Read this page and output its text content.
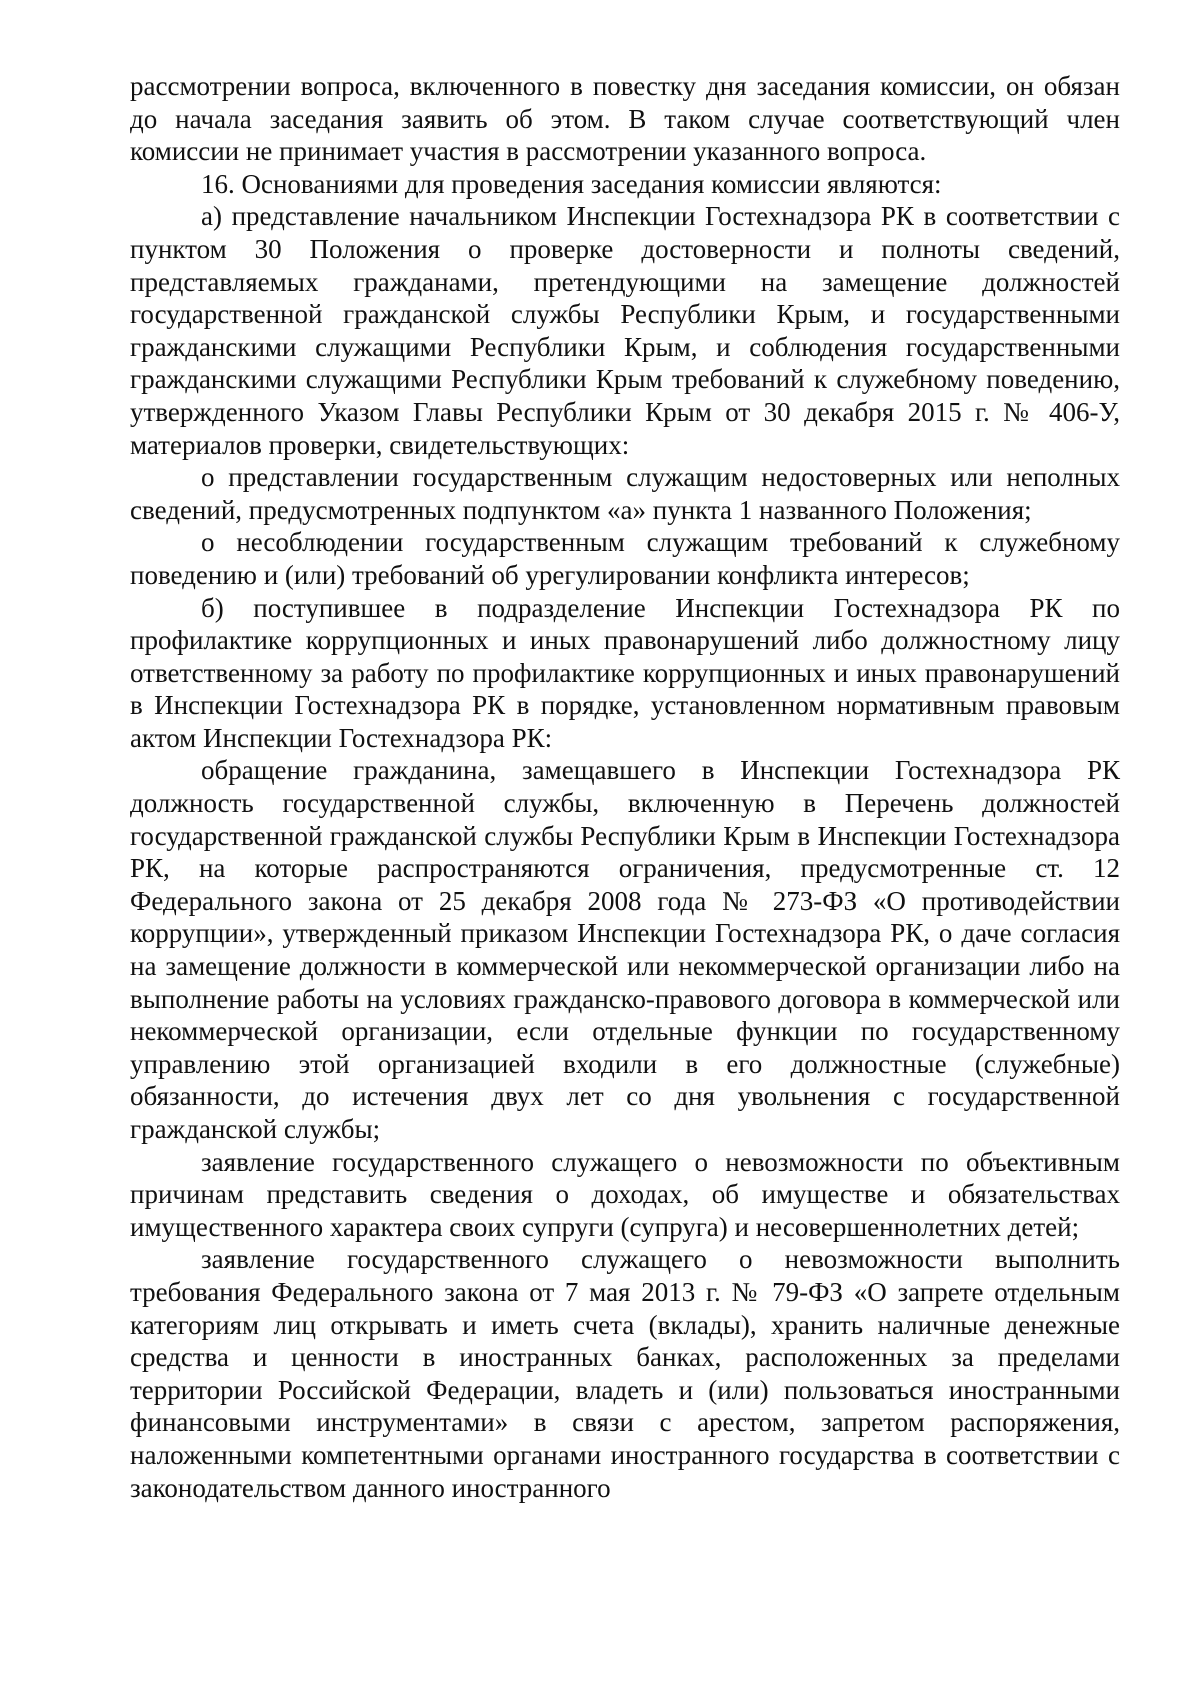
рассмотрении вопроса, включенного в повестку дня заседания комиссии, он обязан до начала заседания заявить об этом. В таком случае соответствующий член комиссии не принимает участия в рассмотрении указанного вопроса.

16. Основаниями для проведения заседания комиссии являются:

а) представление начальником Инспекции Гостехнадзора РК в соответствии с пунктом 30 Положения о проверке достоверности и полноты сведений, представляемых гражданами, претендующими на замещение должностей государственной гражданской службы Республики Крым, и государственными гражданскими служащими Республики Крым, и соблюдения государственными гражданскими служащими Республики Крым требований к служебному поведению, утвержденного Указом Главы Республики Крым от 30 декабря 2015 г. № 406-У, материалов проверки, свидетельствующих:

о представлении государственным служащим недостоверных или неполных сведений, предусмотренных подпунктом «а» пункта 1 названного Положения;

о несоблюдении государственным служащим требований к служебному поведению и (или) требований об урегулировании конфликта интересов;

б) поступившее в подразделение Инспекции Гостехнадзора РК по профилактике коррупционных и иных правонарушений либо должностному лицу ответственному за работу по профилактике коррупционных и иных правонарушений в Инспекции Гостехнадзора РК в порядке, установленном нормативным правовым актом Инспекции Гостехнадзора РК:

обращение гражданина, замещавшего в Инспекции Гостехнадзора РК должность государственной службы, включенную в Перечень должностей государственной гражданской службы Республики Крым в Инспекции Гостехнадзора РК, на которые распространяются ограничения, предусмотренные ст. 12 Федерального закона от 25 декабря 2008 года № 273-ФЗ «О противодействии коррупции», утвержденный приказом Инспекции Гостехнадзора РК, о даче согласия на замещение должности в коммерческой или некоммерческой организации либо на выполнение работы на условиях гражданско-правового договора в коммерческой или некоммерческой организации, если отдельные функции по государственному управлению этой организацией входили в его должностные (служебные) обязанности, до истечения двух лет со дня увольнения с государственной гражданской службы;

заявление государственного служащего о невозможности по объективным причинам представить сведения о доходах, об имуществе и обязательствах имущественного характера своих супруги (супруга) и несовершеннолетних детей;

заявление государственного служащего о невозможности выполнить требования Федерального закона от 7 мая 2013 г. № 79-ФЗ «О запрете отдельным категориям лиц открывать и иметь счета (вклады), хранить наличные денежные средства и ценности в иностранных банках, расположенных за пределами территории Российской Федерации, владеть и (или) пользоваться иностранными финансовыми инструментами» в связи с арестом, запретом распоряжения, наложенными компетентными органами иностранного государства в соответствии с законодательством данного иностранного
